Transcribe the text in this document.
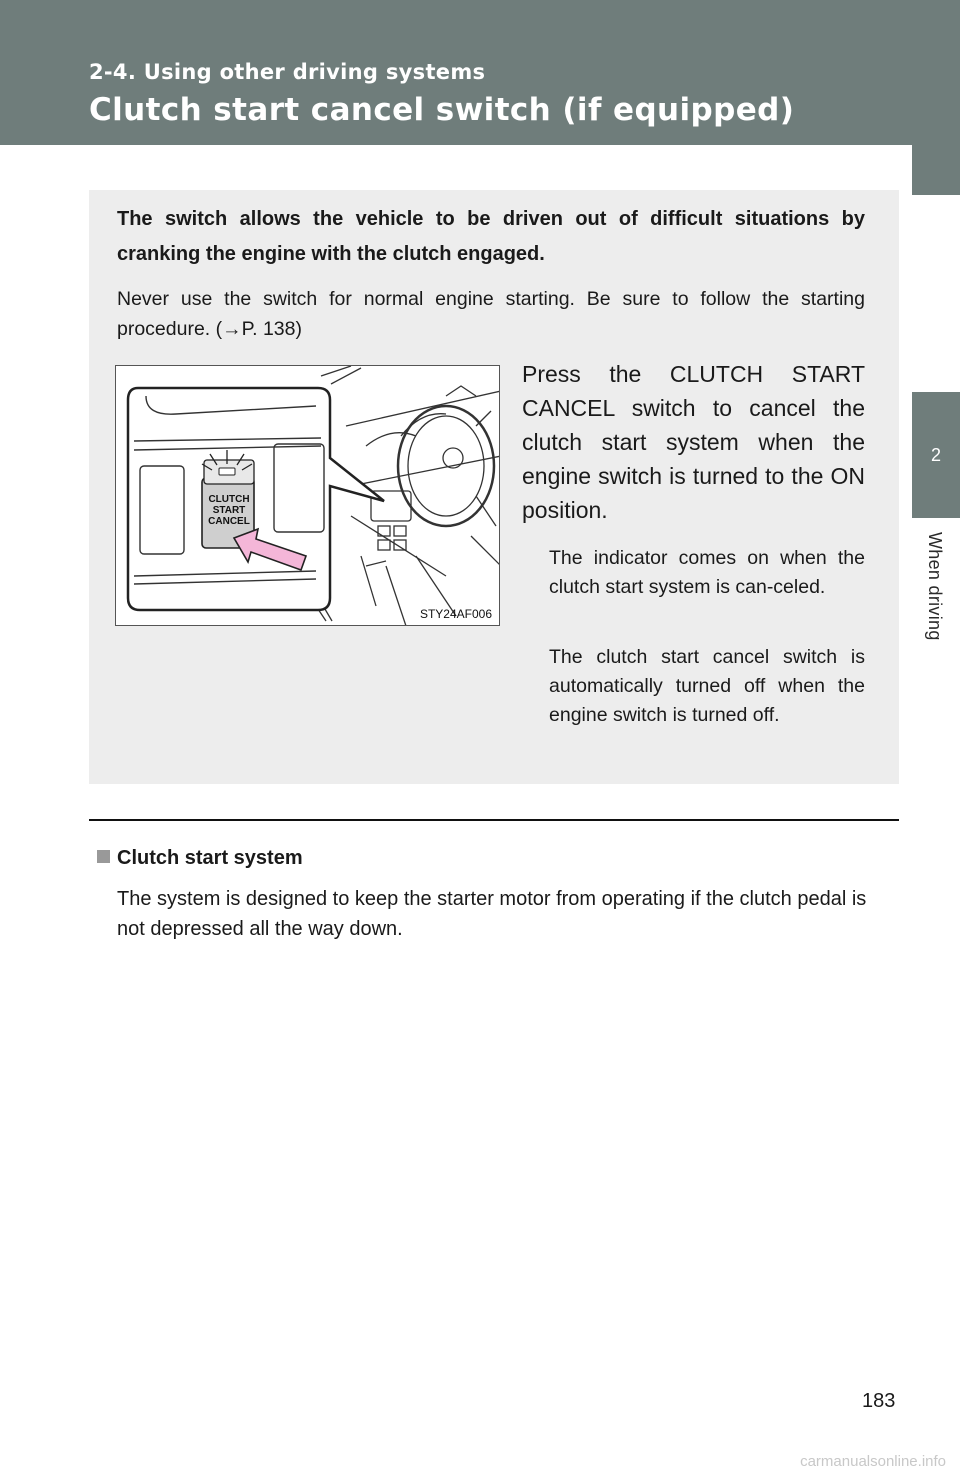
2-4. Using other driving systems
Clutch start cancel switch (if equipped)
2
When driving
The switch allows the vehicle to be driven out of difficult situations by cranking the engine with the clutch engaged.
Never use the switch for normal engine starting. Be sure to follow the starting procedure. (→P. 138)
CLUTCH
START
CANCEL
STY24AF006
Press the CLUTCH START CANCEL switch to cancel the clutch start system when the engine switch is turned to the ON position.
The indicator comes on when the clutch start system is can-celed.
The clutch start cancel switch is automatically turned off when the engine switch is turned off.
Clutch start system
The system is designed to keep the starter motor from operating if the clutch pedal is not depressed all the way down.
183
carmanualsonline.info
